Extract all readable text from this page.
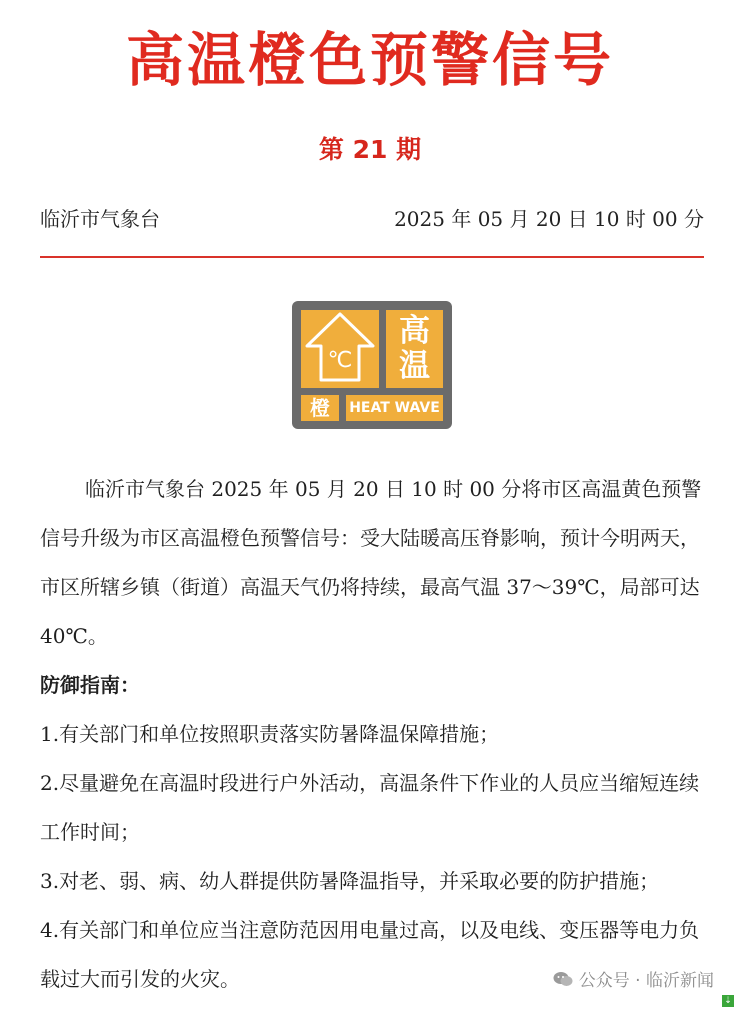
高温橙色预警信号
第 21 期
临沂市气象台	2025 年 05 月 20 日 10 时 00 分
℃
高
温
橙	HEAT WAVE

临沂市气象台 2025 年 05 月 20 日 10 时 00 分将市区高温黄色预警信号升级为市区高温橙色预警信号：受大陆暖高压脊影响，预计今明两天，市区所辖乡镇（街道）高温天气仍将持续，最高气温 37～39℃，局部可达 40℃。

防御指南：

1.有关部门和单位按照职责落实防暑降温保障措施；

2.尽量避免在高温时段进行户外活动，高温条件下作业的人员应当缩短连续工作时间；

3.对老、弱、病、幼人群提供防暑降温指导，并采取必要的防护措施；

4.有关部门和单位应当注意防范因用电量过高，以及电线、变压器等电力负载过大而引发的火灾。	公众号 · 临沂新闻
⇣
